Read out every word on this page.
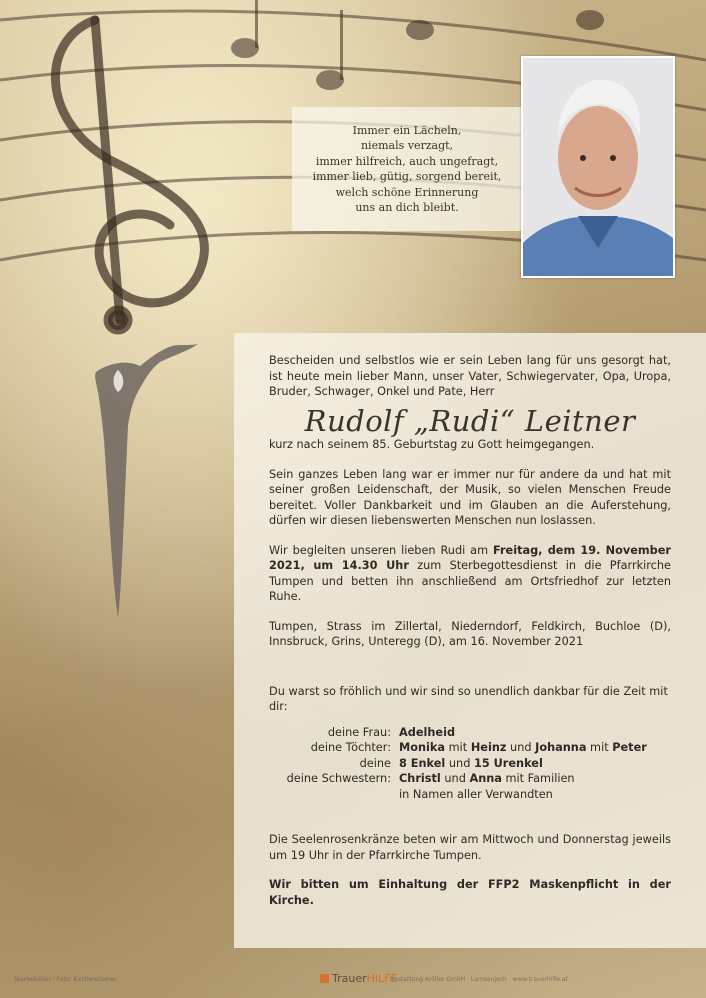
Immer ein Lächeln,
niemals verzagt,
immer hilfreich, auch ungefragt,
immer lieb, gütig, sorgend bereit,
welch schöne Erinnerung
uns an dich bleibt.

Bescheiden und selbstlos wie er sein Leben lang für uns gesorgt hat, ist heute mein lieber Mann, unser Vater, Schwiegervater, Opa, Uropa, Bruder, Schwager, Onkel und Pate, Herr

Rudolf „Rudi“ Leitner

kurz nach seinem 85. Geburtstag zu Gott heimgegangen.

Sein ganzes Leben lang war er immer nur für andere da und hat mit seiner großen Leidenschaft, der Musik, so vielen Menschen Freude bereitet. Voller Dankbarkeit und im Glauben an die Auferstehung, dürfen wir diesen liebenswerten Menschen nun loslassen.

Wir begleiten unseren lieben Rudi am Freitag, dem 19. November 2021, um 14.30 Uhr zum Sterbegottesdienst in die Pfarrkirche Tumpen und betten ihn anschließend am Ortsfriedhof zur letzten Ruhe.

Tumpen, Strass im Zillertal, Niederndorf, Feldkirch, Buchloe (D), Innsbruck, Grins, Unteregg (D), am 16. November 2021

Du warst so fröhlich und wir sind so unendlich dankbar für die Zeit mit dir:

deine Frau: Adelheid
deine Töchter: Monika mit Heinz und Johanna mit Peter
deine 8 Enkel und 15 Urenkel
deine Schwestern: Christl und Anna mit Familien
in Namen aller Verwandten

Die Seelenrosenkränze beten wir am Mittwoch und Donnerstag jeweils um 19 Uhr in der Pfarrkirche Tumpen.

Wir bitten um Einhaltung der FFP2 Maskenpflicht in der Kirche.

Sterbebilder · Foto: Kirchensteiner	TrauerHILFE
Bestattung Kröller GmbH · Lamsenjoch · www.trauerhilfe.at
